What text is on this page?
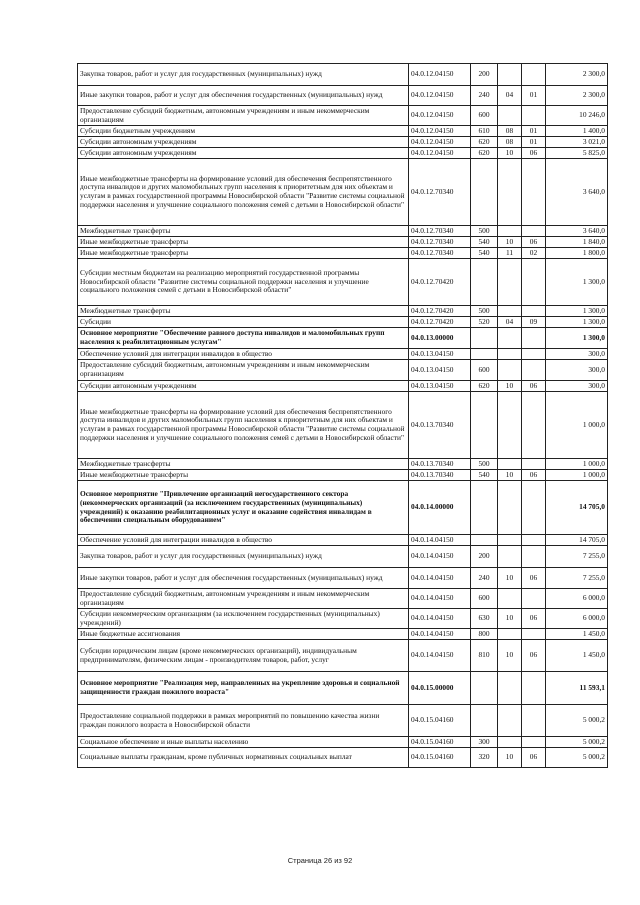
Закупка товаров, работ и услуг для государственных (муниципальных) нужд	04.0.12.04150	200			2 300,0
Иные закупки товаров, работ и услуг для обеспечения государственных (муниципальных) нужд	04.0.12.04150	240	04	01	2 300,0
Предоставление субсидий бюджетным, автономным учреждениям и иным некоммерческим организациям	04.0.12.04150	600			10 246,0
Субсидии бюджетным учреждениям	04.0.12.04150	610	08	01	1 400,0
Субсидии автономным учреждениям	04.0.12.04150	620	08	01	3 021,0
Субсидии автономным учреждениям	04.0.12.04150	620	10	06	5 825,0
Иные межбюджетные трансферты на формирование условий для обеспечения беспрепятственного доступа инвалидов и других маломобильных групп населения к приоритетным для них объектам и услугам в рамках государственной программы Новосибирской области "Развитие системы социальной поддержки населения и улучшение социального положения семей с детьми в Новосибирской области"	04.0.12.70340				3 640,0
Межбюджетные трансферты	04.0.12.70340	500			3 640,0
Иные межбюджетные трансферты	04.0.12.70340	540	10	06	1 840,0
Иные межбюджетные трансферты	04.0.12.70340	540	11	02	1 800,0
Субсидии местным бюджетам на реализацию мероприятий государственной программы Новосибирской области "Развитие системы социальной поддержки населения и улучшение социального положения семей с детьми в Новосибирской области"	04.0.12.70420				1 300,0
Межбюджетные трансферты	04.0.12.70420	500			1 300,0
Субсидии	04.0.12.70420	520	04	09	1 300,0
Основное мероприятие "Обеспечение равного доступа инвалидов и маломобильных групп населения к реабилитационным услугам"	04.0.13.00000				1 300,0
Обеспечение условий для интеграции инвалидов в общество	04.0.13.04150				300,0
Предоставление субсидий бюджетным, автономным учреждениям и иным некоммерческим организациям	04.0.13.04150	600			300,0
Субсидии автономным учреждениям	04.0.13.04150	620	10	06	300,0
Иные межбюджетные трансферты на формирование условий для обеспечения беспрепятственного доступа инвалидов и других маломобильных групп населения к приоритетным для них объектам и услугам в рамках государственной программы Новосибирской области "Развитие системы социальной поддержки населения и улучшение социального положения семей с детьми в Новосибирской области"	04.0.13.70340				1 000,0
Межбюджетные трансферты	04.0.13.70340	500			1 000,0
Иные межбюджетные трансферты	04.0.13.70340	540	10	06	1 000,0
Основное мероприятие "Привлечение организаций негосударственного сектора (некоммерческих организаций (за исключением государственных (муниципальных) учреждений) к оказанию реабилитационных услуг и оказание содействия инвалидам в обеспечении специальным оборудованием"	04.0.14.00000				14 705,0
Обеспечение условий для интеграции инвалидов в общество	04.0.14.04150				14 705,0
Закупка товаров, работ и услуг для государственных (муниципальных) нужд	04.0.14.04150	200			7 255,0
Иные закупки товаров, работ и услуг для обеспечения государственных (муниципальных) нужд	04.0.14.04150	240	10	06	7 255,0
Предоставление субсидий бюджетным, автономным учреждениям и иным некоммерческим организациям	04.0.14.04150	600			6 000,0
Субсидии некоммерческим организациям (за исключением государственных (муниципальных) учреждений)	04.0.14.04150	630	10	06	6 000,0
Иные бюджетные ассигнования	04.0.14.04150	800			1 450,0
Субсидии юридическим лицам (кроме некоммерческих организаций), индивидуальным предпринимателям, физическим лицам - производителям товаров, работ, услуг	04.0.14.04150	810	10	06	1 450,0
Основное мероприятие "Реализация мер, направленных на укрепление здоровья и социальной защищенности граждан пожилого возраста"	04.0.15.00000				11 593,1
Предоставление социальной поддержки в рамках мероприятий по повышению качества жизни граждан пожилого возраста в Новосибирской области	04.0.15.04160				5 000,2
Социальное обеспечение и иные выплаты населению	04.0.15.04160	300			5 000,2
Социальные выплаты гражданам, кроме публичных нормативных социальных выплат	04.0.15.04160	320	10	06	5 000,2
Страница 26 из 92
